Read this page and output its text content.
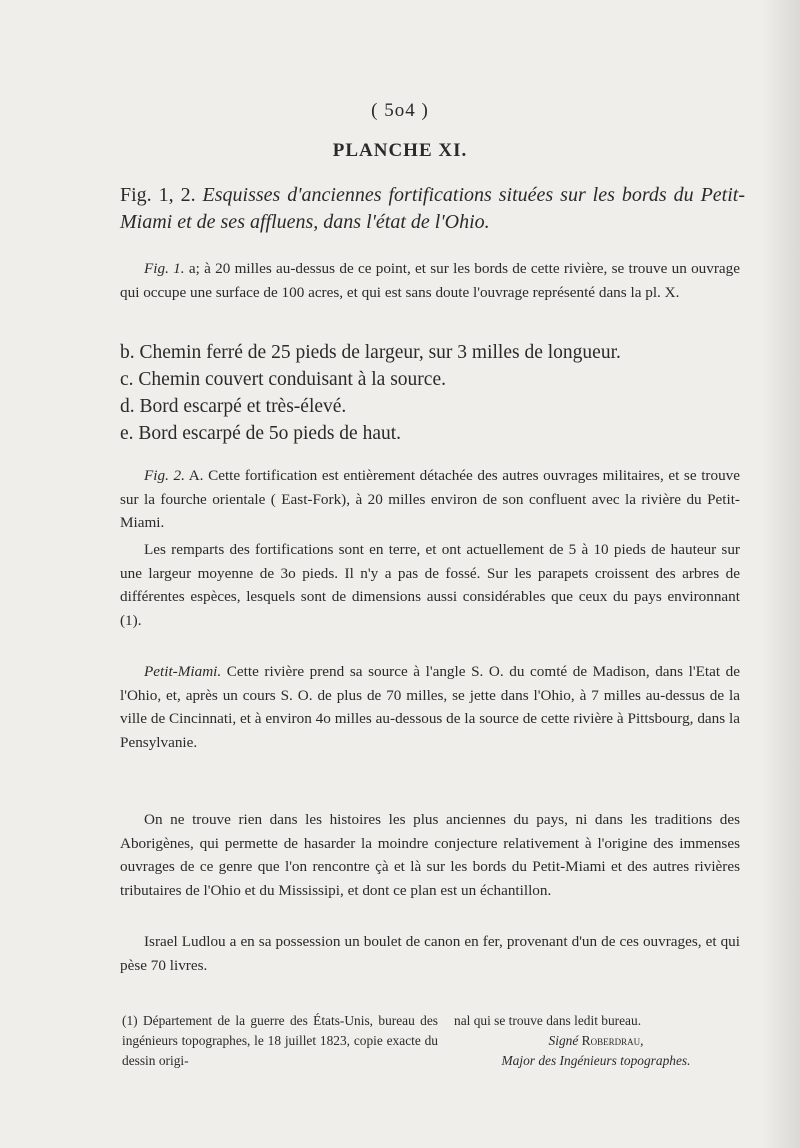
( 5o4 )
PLANCHE XI.
Fig. 1, 2. Esquisses d'anciennes fortifications situées sur les bords du Petit-Miami et de ses affluens, dans l'état de l'Ohio.
Fig. 1. a; à 20 milles au-dessus de ce point, et sur les bords de cette rivière, se trouve un ouvrage qui occupe une surface de 100 acres, et qui est sans doute l'ouvrage représenté dans la pl. X.
b. Chemin ferré de 25 pieds de largeur, sur 3 milles de longueur.
c. Chemin couvert conduisant à la source.
d. Bord escarpé et très-élevé.
e. Bord escarpé de 5o pieds de haut.
Fig. 2. A. Cette fortification est entièrement détachée des autres ouvrages militaires, et se trouve sur la fourche orientale ( East-Fork), à 20 milles environ de son confluent avec la rivière du Petit-Miami.
Les remparts des fortifications sont en terre, et ont actuellement de 5 à 10 pieds de hauteur sur une largeur moyenne de 3o pieds. Il n'y a pas de fossé. Sur les parapets croissent des arbres de différentes espèces, lesquels sont de dimensions aussi considérables que ceux du pays environnant (1).
Petit-Miami. Cette rivière prend sa source à l'angle S. O. du comté de Madison, dans l'Etat de l'Ohio, et, après un cours S. O. de plus de 70 milles, se jette dans l'Ohio, à 7 milles au-dessus de la ville de Cincinnati, et à environ 4o milles au-dessous de la source de cette rivière à Pittsbourg, dans la Pensylvanie.
On ne trouve rien dans les histoires les plus anciennes du pays, ni dans les traditions des Aborigènes, qui permette de hasarder la moindre conjecture relativement à l'origine des immenses ouvrages de ce genre que l'on rencontre çà et là sur les bords du Petit-Miami et des autres rivières tributaires de l'Ohio et du Mississipi, et dont ce plan est un échantillon.
Israel Ludlou a en sa possession un boulet de canon en fer, provenant d'un de ces ouvrages, et qui pèse 70 livres.
(1) Département de la guerre des États-Unis, bureau des ingénieurs topographes, le 18 juillet 1823, copie exacte du dessin origi-
nal qui se trouve dans ledit bureau.
Signé Roberdrau,
Major des Ingénieurs topographes.
